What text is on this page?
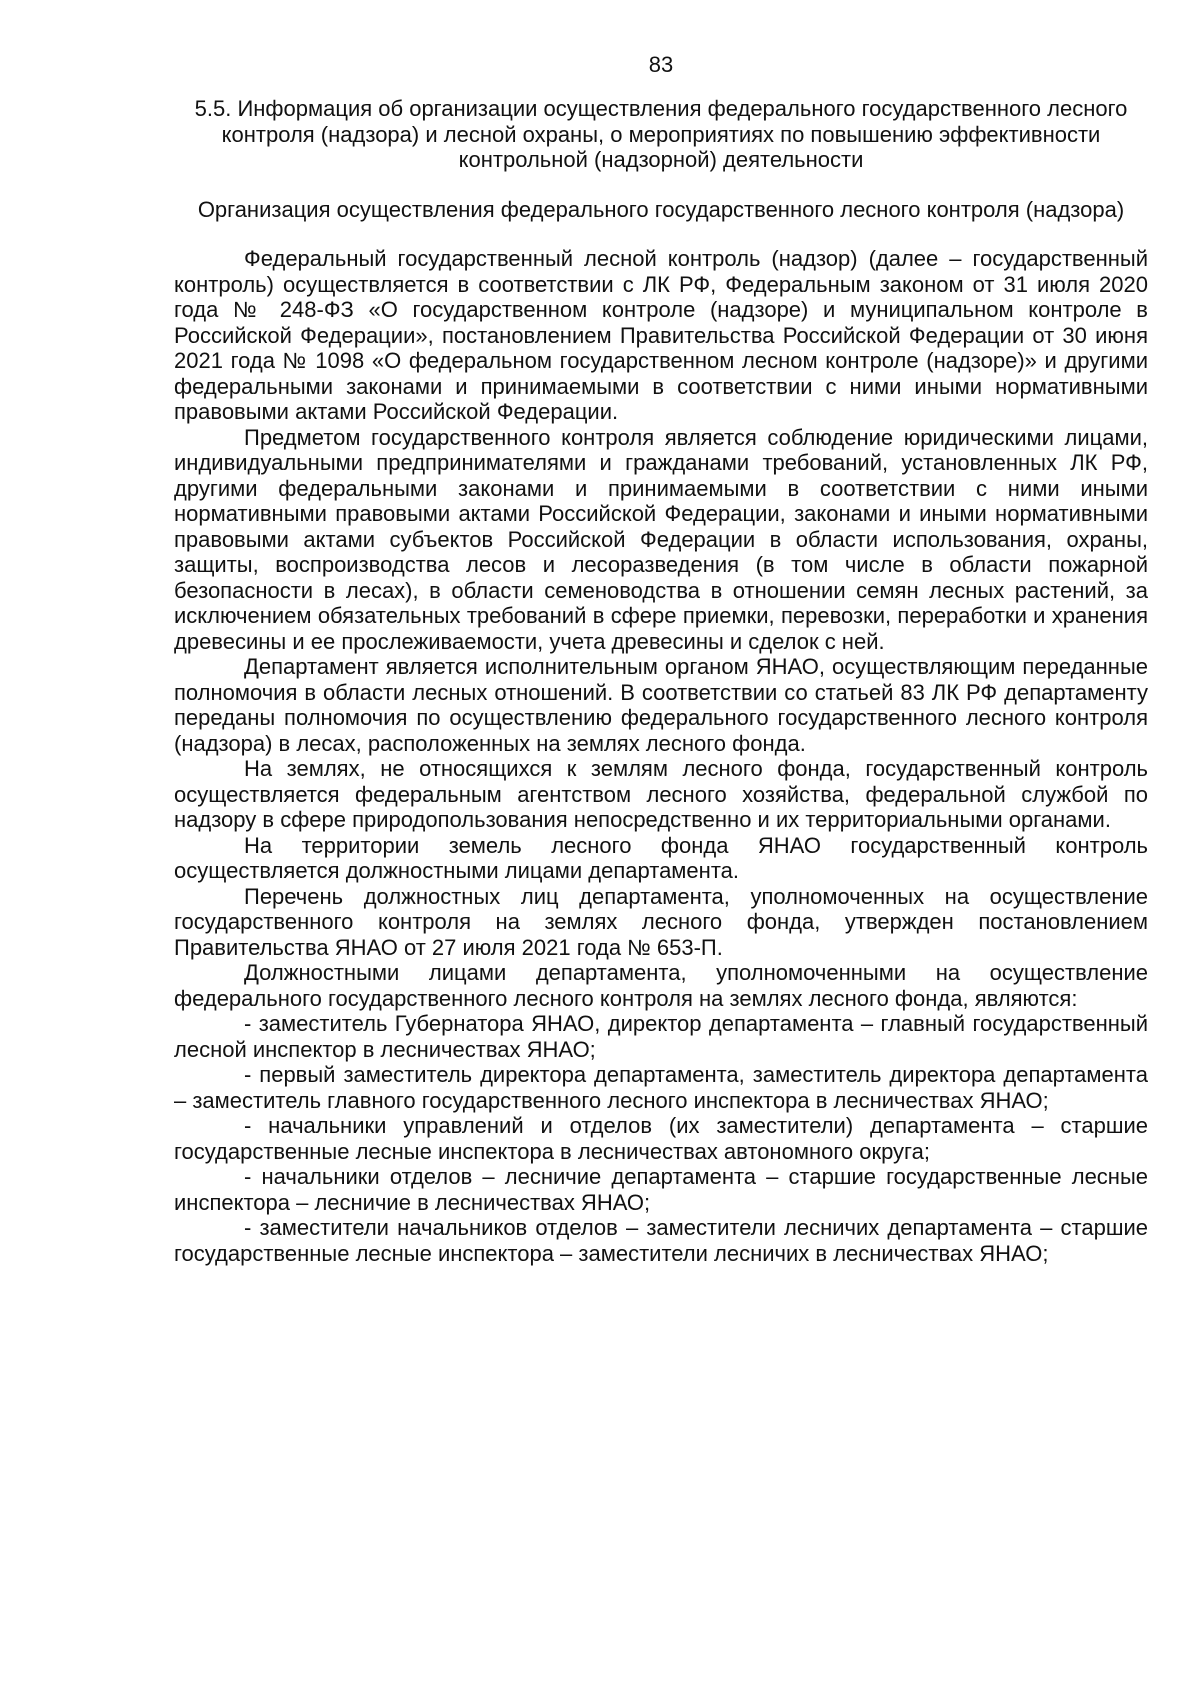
83
5.5. Информация об организации осуществления федерального государственного лесного контроля (надзора) и лесной охраны, о мероприятиях по повышению эффективности контрольной (надзорной) деятельности
Организация осуществления федерального государственного лесного контроля (надзора)

Федеральный государственный лесной контроль (надзор) (далее – государственный контроль) осуществляется в соответствии с ЛК РФ, Федеральным законом от 31 июля 2020 года № 248-ФЗ «О государственном контроле (надзоре) и муниципальном контроле в Российской Федерации», постановлением Правительства Российской Федерации от 30 июня 2021 года № 1098 «О федеральном государственном лесном контроле (надзоре)» и другими федеральными законами и принимаемыми в соответствии с ними иными нормативными правовыми актами Российской Федерации.

Предметом государственного контроля является соблюдение юридическими лицами, индивидуальными предпринимателями и гражданами требований, установленных ЛК РФ, другими федеральными законами и принимаемыми в соответствии с ними иными нормативными правовыми актами Российской Федерации, законами и иными нормативными правовыми актами субъектов Российской Федерации в области использования, охраны, защиты, воспроизводства лесов и лесоразведения (в том числе в области пожарной безопасности в лесах), в области семеноводства в отношении семян лесных растений, за исключением обязательных требований в сфере приемки, перевозки, переработки и хранения древесины и ее прослеживаемости, учета древесины и сделок с ней.

Департамент является исполнительным органом ЯНАО, осуществляющим переданные полномочия в области лесных отношений. В соответствии со статьей 83 ЛК РФ департаменту переданы полномочия по осуществлению федерального государственного лесного контроля (надзора) в лесах, расположенных на землях лесного фонда.

На землях, не относящихся к землям лесного фонда, государственный контроль осуществляется федеральным агентством лесного хозяйства, федеральной службой по надзору в сфере природопользования непосредственно и их территориальными органами.

На территории земель лесного фонда ЯНАО государственный контроль осуществляется должностными лицами департамента.

Перечень должностных лиц департамента, уполномоченных на осуществление государственного контроля на землях лесного фонда, утвержден постановлением Правительства ЯНАО от 27 июля 2021 года № 653-П.

Должностными лицами департамента, уполномоченными на осуществление федерального государственного лесного контроля на землях лесного фонда, являются:

- заместитель Губернатора ЯНАО, директор департамента – главный государственный лесной инспектор в лесничествах ЯНАО;

- первый заместитель директора департамента, заместитель директора департамента – заместитель главного государственного лесного инспектора в лесничествах ЯНАО;

- начальники управлений и отделов (их заместители) департамента – старшие государственные лесные инспектора в лесничествах автономного округа;

- начальники отделов – лесничие департамента – старшие государственные лесные инспектора – лесничие в лесничествах ЯНАО;

- заместители начальников отделов – заместители лесничих департамента – старшие государственные лесные инспектора – заместители лесничих в лесничествах ЯНАО;
